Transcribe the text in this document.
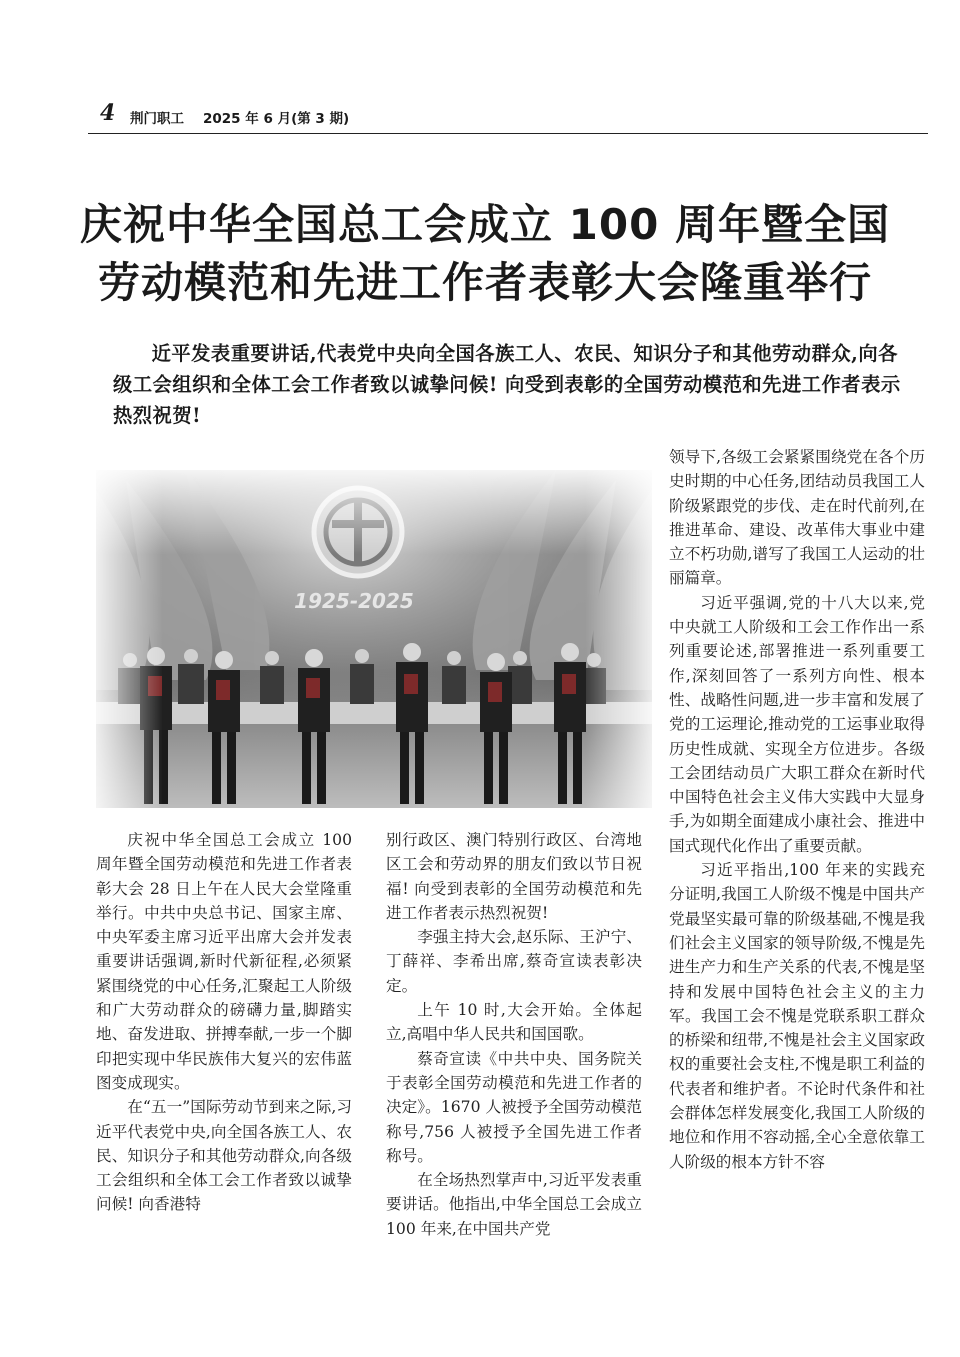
4 荆门职工 2025 年 6 月(第 3 期)
庆祝中华全国总工会成立 100 周年暨全国
劳动模范和先进工作者表彰大会隆重举行

近平发表重要讲话,代表党中央向全国各族工人、农民、知识分子和其他劳动群众,向各级工会组织和全体工会工作者致以诚挚问候! 向受到表彰的全国劳动模范和先进工作者表示热烈祝贺!

庆祝中华全国总工会成立 100 周年暨全国劳动模范和先进工作者表彰大会 28 日上午在人民大会堂隆重举行。中共中央总书记、国家主席、中央军委主席习近平出席大会并发表重要讲话强调,新时代新征程,必须紧紧围绕党的中心任务,汇聚起工人阶级和广大劳动群众的磅礴力量,脚踏实地、奋发进取、拼搏奉献,一步一个脚印把实现中华民族伟大复兴的宏伟蓝图变成现实。

在“五一”国际劳动节到来之际,习近平代表党中央,向全国各族工人、农民、知识分子和其他劳动群众,向各级工会组织和全体工会工作者致以诚挚问候! 向香港特

别行政区、澳门特别行政区、台湾地区工会和劳动界的朋友们致以节日祝福! 向受到表彰的全国劳动模范和先进工作者表示热烈祝贺!

李强主持大会,赵乐际、王沪宁、丁薛祥、李希出席,蔡奇宣读表彰决定。

上午 10 时,大会开始。全体起立,高唱中华人民共和国国歌。

蔡奇宣读《中共中央、国务院关于表彰全国劳动模范和先进工作者的决定》。1670 人被授予全国劳动模范称号,756 人被授予全国先进工作者称号。

在全场热烈掌声中,习近平发表重要讲话。他指出,中华全国总工会成立 100 年来,在中国共产党

领导下,各级工会紧紧围绕党在各个历史时期的中心任务,团结动员我国工人阶级紧跟党的步伐、走在时代前列,在推进革命、建设、改革伟大事业中建立不朽功勋,谱写了我国工人运动的壮丽篇章。

习近平强调,党的十八大以来,党中央就工人阶级和工会工作作出一系列重要论述,部署推进一系列重要工作,深刻回答了一系列方向性、根本性、战略性问题,进一步丰富和发展了党的工运理论,推动党的工运事业取得历史性成就、实现全方位进步。各级工会团结动员广大职工群众在新时代中国特色社会主义伟大实践中大显身手,为如期全面建成小康社会、推进中国式现代化作出了重要贡献。

习近平指出,100 年来的实践充分证明,我国工人阶级不愧是中国共产党最坚实最可靠的阶级基础,不愧是我们社会主义国家的领导阶级,不愧是先进生产力和生产关系的代表,不愧是坚持和发展中国特色社会主义的主力军。我国工会不愧是党联系职工群众的桥梁和纽带,不愧是社会主义国家政权的重要社会支柱,不愧是职工利益的代表者和维护者。不论时代条件和社会群体怎样发展变化,我国工人阶级的地位和作用不容动摇,全心全意依靠工人阶级的根本方针不容
